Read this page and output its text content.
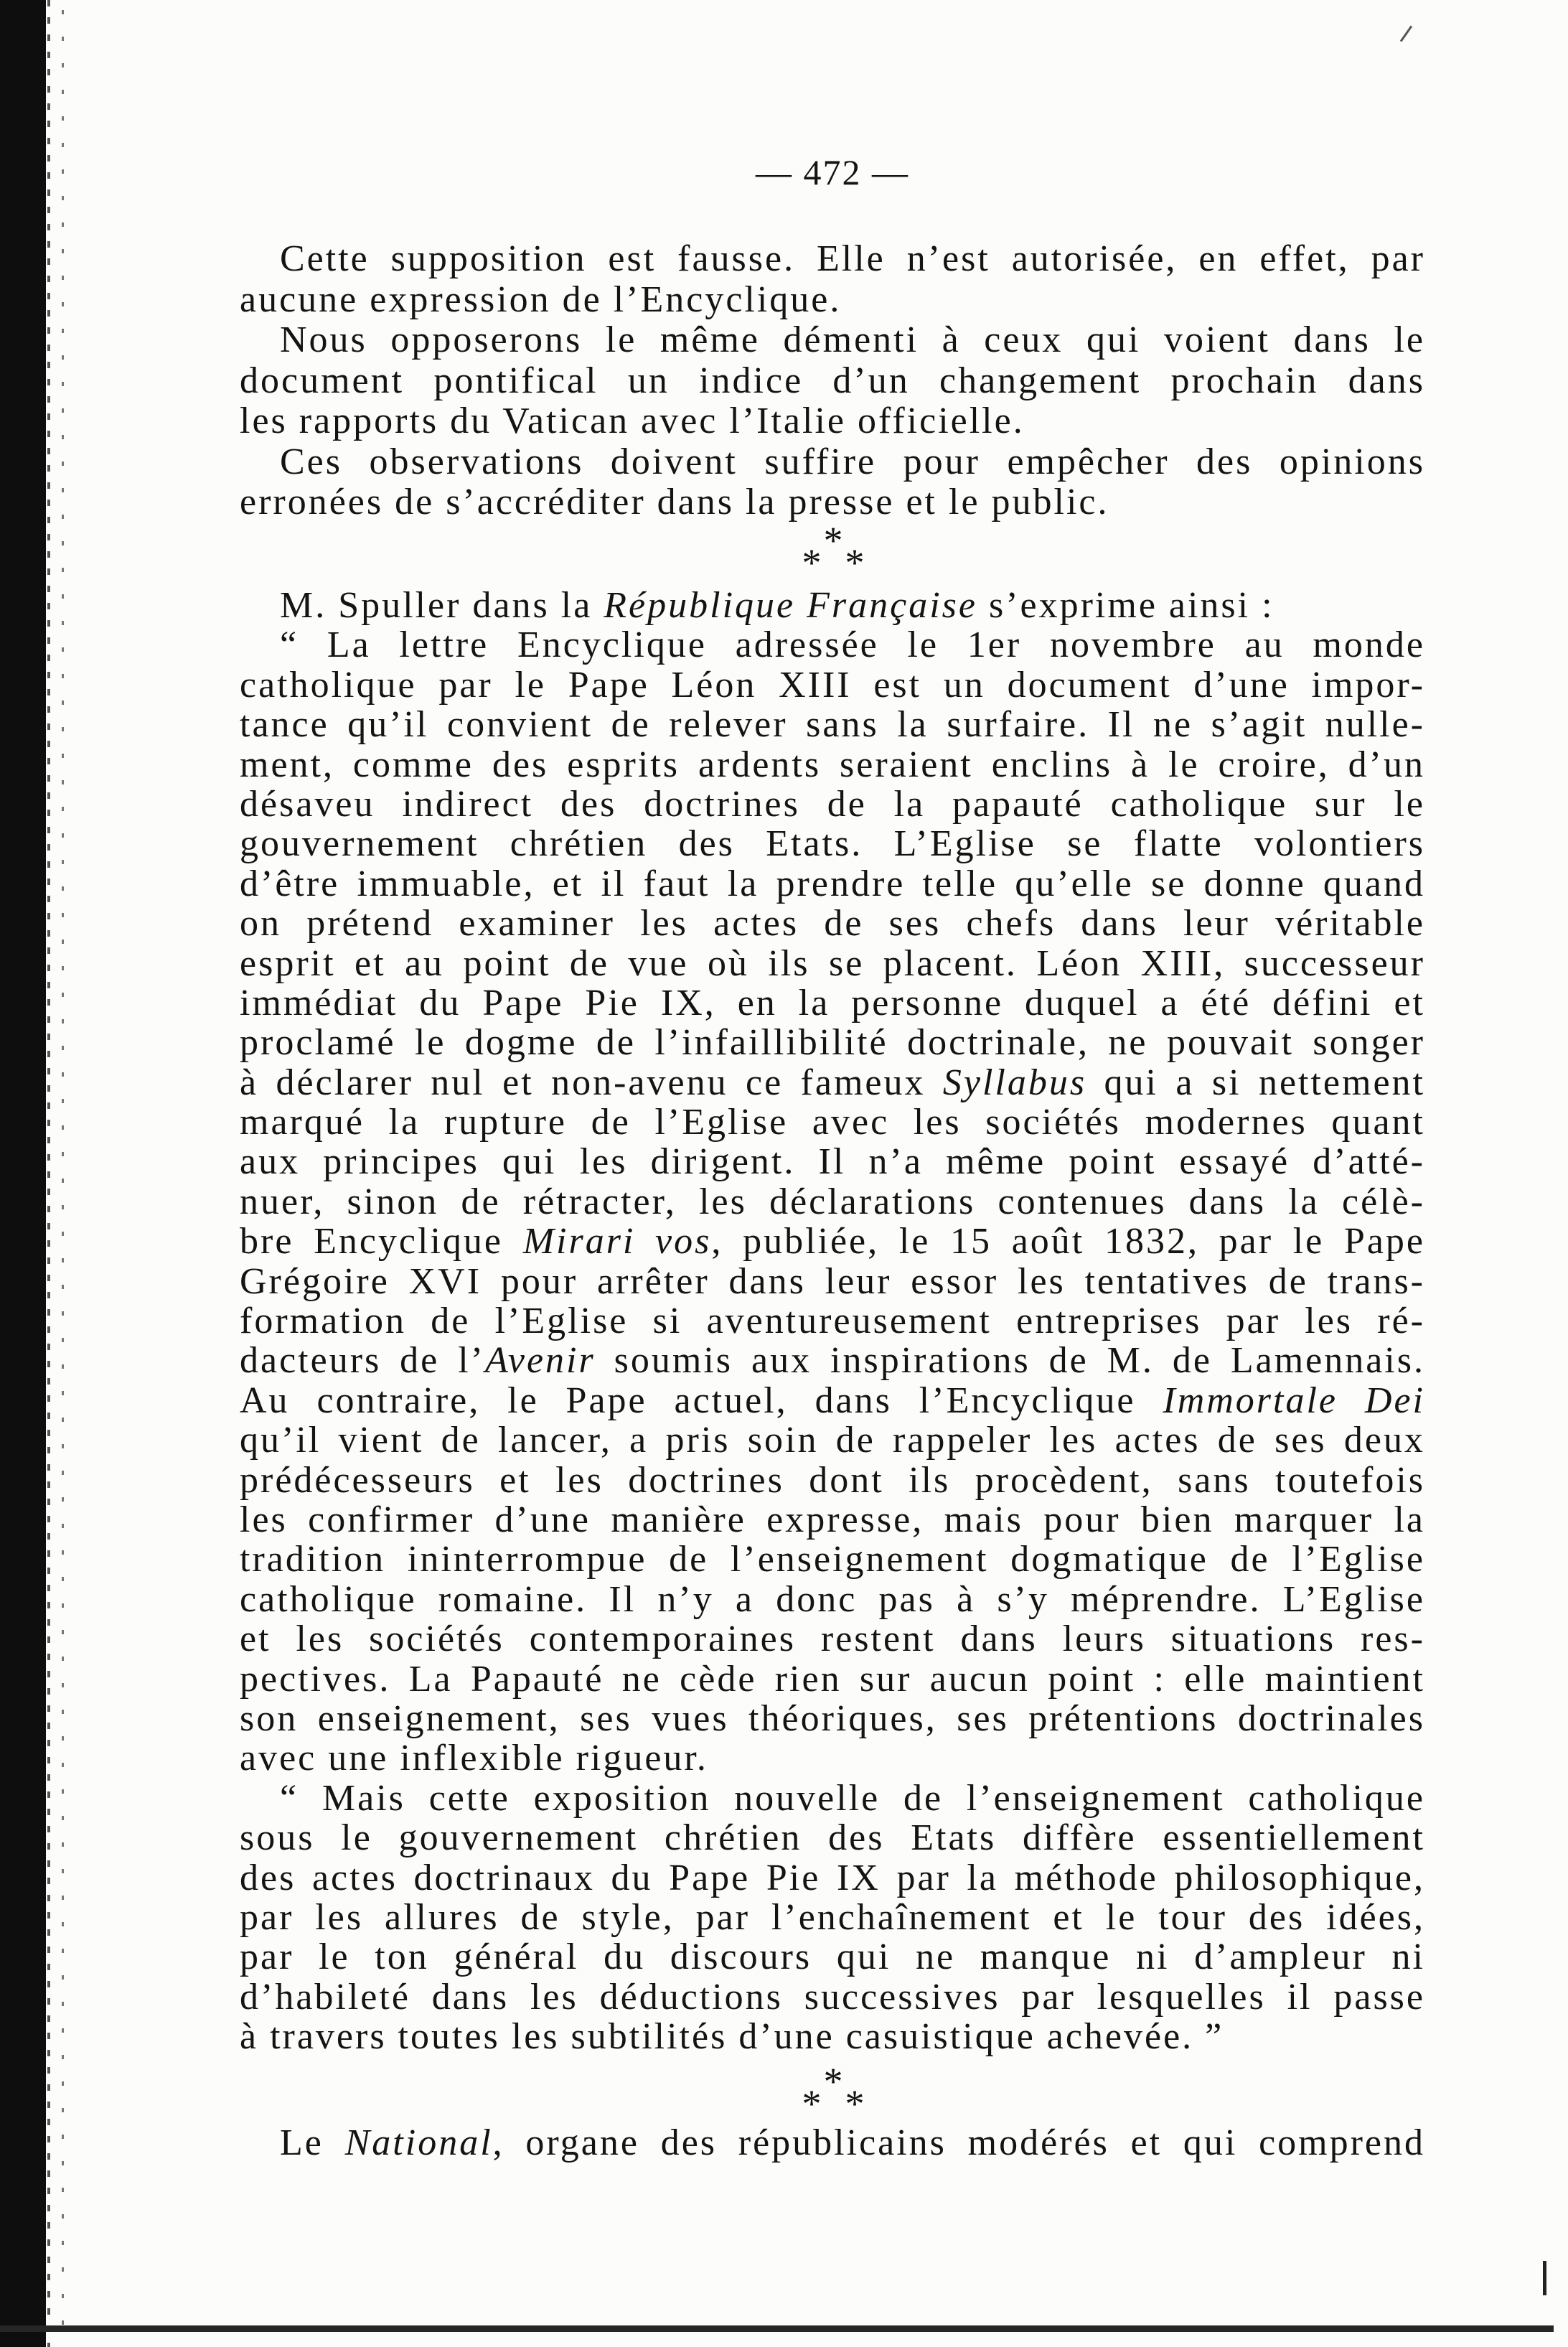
— 472 —
Cette supposition est fausse. Elle n’est autorisée, en effet, par
aucune expression de l’Encyclique.
Nous opposerons le même démenti à ceux qui voient dans le
document pontifical un indice d’un changement prochain dans
les rapports du Vatican avec l’Italie officielle.
Ces observations doivent suffire pour empêcher des opinions
erronées de s’accréditer dans la presse et le public.
*
* *
M. Spuller dans la République Française s’exprime ainsi :
“ La lettre Encyclique adressée le 1er novembre au monde
catholique par le Pape Léon XIII est un document d’une impor-
tance qu’il convient de relever sans la surfaire. Il ne s’agit nulle-
ment, comme des esprits ardents seraient enclins à le croire, d’un
désaveu indirect des doctrines de la papauté catholique sur le
gouvernement chrétien des Etats. L’Eglise se flatte volontiers
d’être immuable, et il faut la prendre telle qu’elle se donne quand
on prétend examiner les actes de ses chefs dans leur véritable
esprit et au point de vue où ils se placent. Léon XIII, successeur
immédiat du Pape Pie IX, en la personne duquel a été défini et
proclamé le dogme de l’infaillibilité doctrinale, ne pouvait songer
à déclarer nul et non-avenu ce fameux Syllabus qui a si nettement
marqué la rupture de l’Eglise avec les sociétés modernes quant
aux principes qui les dirigent. Il n’a même point essayé d’atté-
nuer, sinon de rétracter, les déclarations contenues dans la célè-
bre Encyclique Mirari vos, publiée, le 15 août 1832, par le Pape
Grégoire XVI pour arrêter dans leur essor les tentatives de trans-
formation de l’Eglise si aventureusement entreprises par les ré-
dacteurs de l’Avenir soumis aux inspirations de M. de Lamennais.
Au contraire, le Pape actuel, dans l’Encyclique Immortale Dei
qu’il vient de lancer, a pris soin de rappeler les actes de ses deux
prédécesseurs et les doctrines dont ils procèdent, sans toutefois
les confirmer d’une manière expresse, mais pour bien marquer la
tradition ininterrompue de l’enseignement dogmatique de l’Eglise
catholique romaine. Il n’y a donc pas à s’y méprendre. L’Eglise
et les sociétés contemporaines restent dans leurs situations res-
pectives. La Papauté ne cède rien sur aucun point : elle maintient
son enseignement, ses vues théoriques, ses prétentions doctrinales
avec une inflexible rigueur.
“ Mais cette exposition nouvelle de l’enseignement catholique
sous le gouvernement chrétien des Etats diffère essentiellement
des actes doctrinaux du Pape Pie IX par la méthode philosophique,
par les allures de style, par l’enchaînement et le tour des idées,
par le ton général du discours qui ne manque ni d’ampleur ni
d’habileté dans les déductions successives par lesquelles il passe
à travers toutes les subtilités d’une casuistique achevée. ”
*
* *
Le National, organe des républicains modérés et qui comprend
